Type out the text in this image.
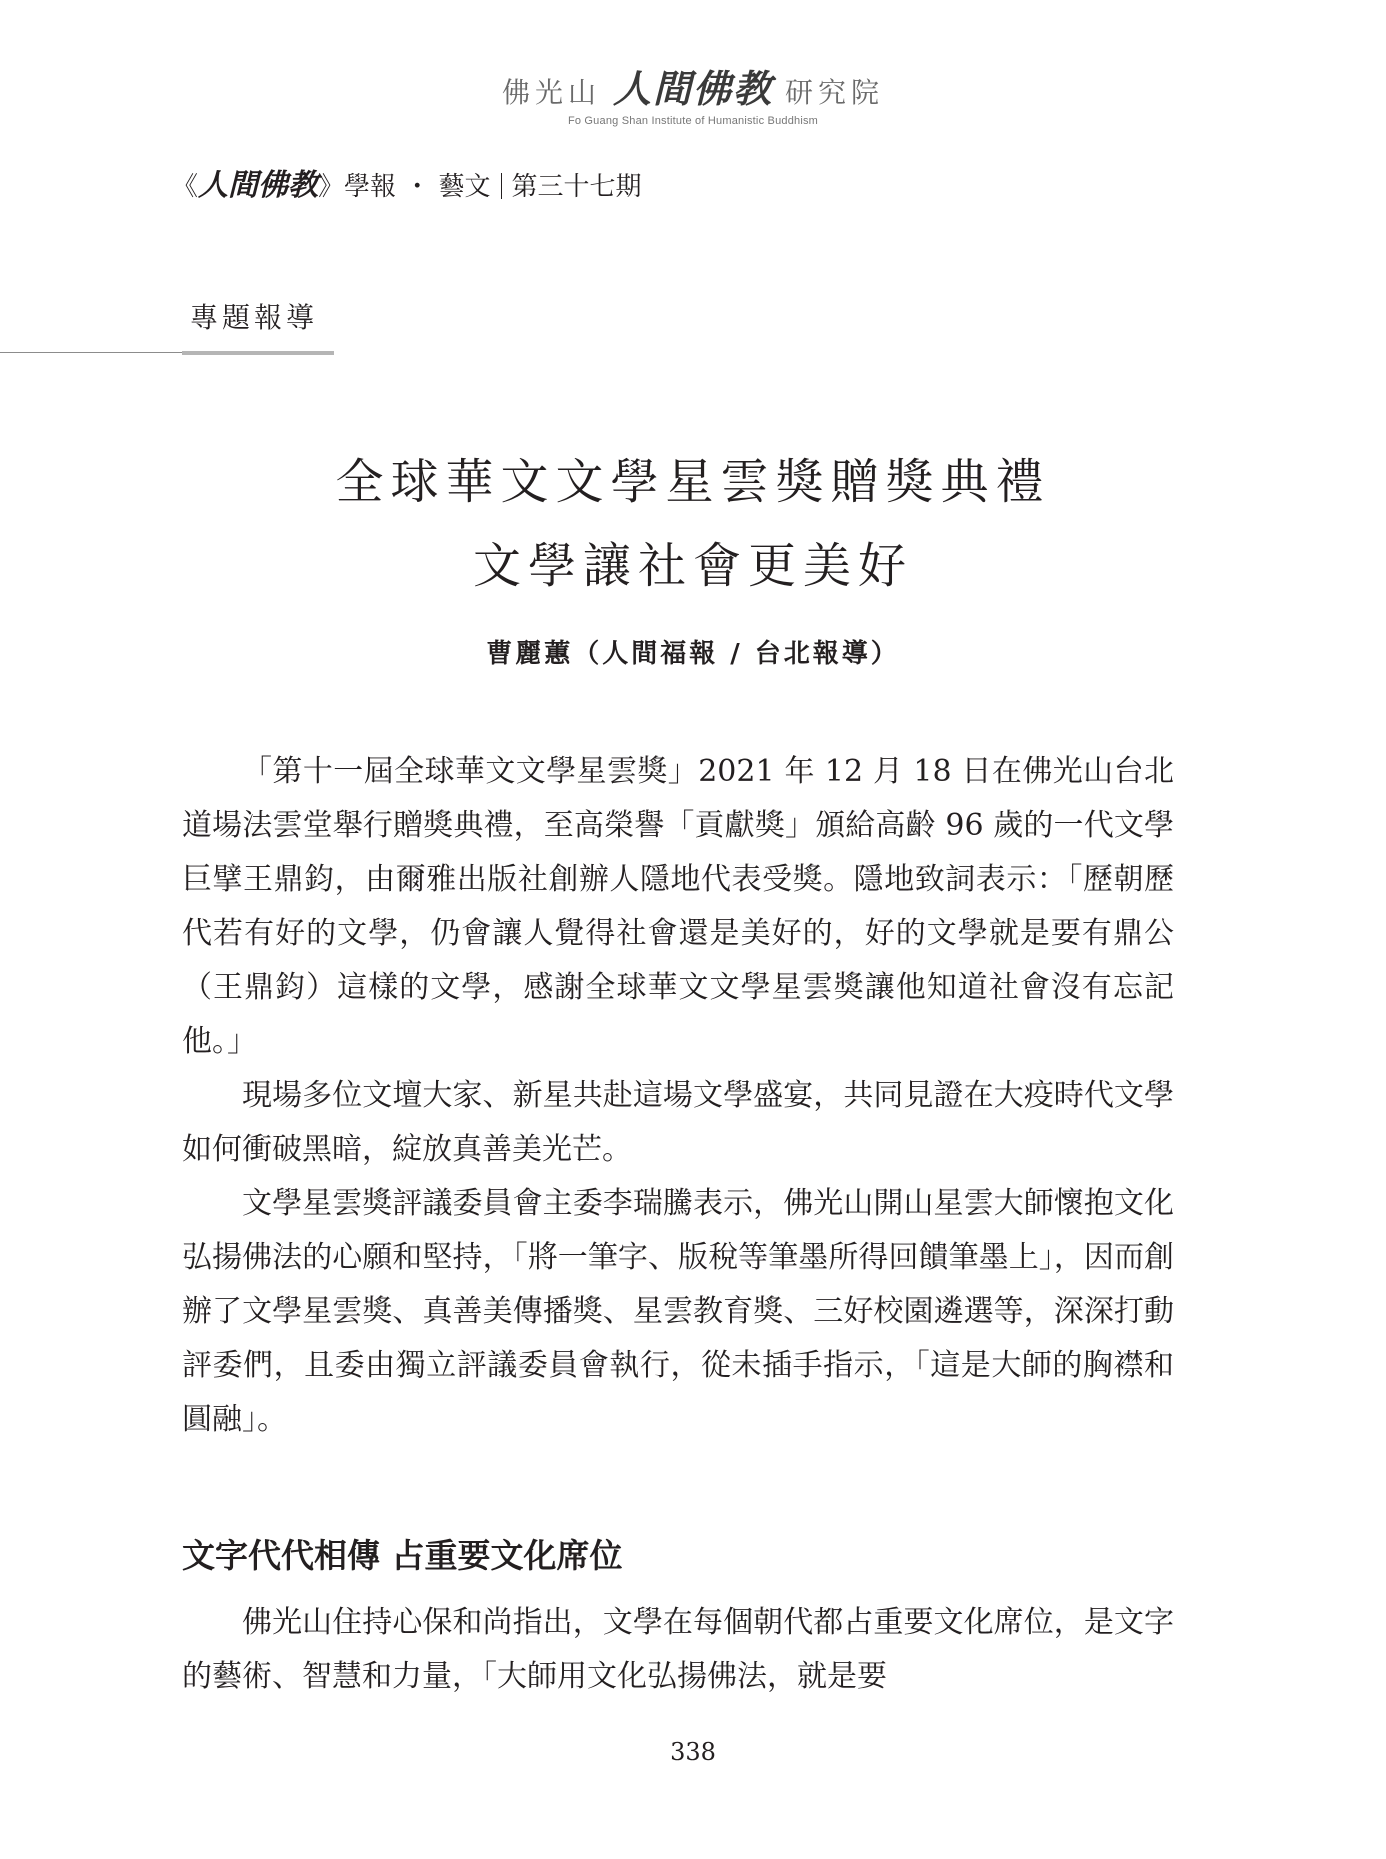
佛光山 人間佛教 研究院
Fo Guang Shan Institute of Humanistic Buddhism
《人間佛教》學報 ・ 藝文 第三十七期
專題報導
全球華文文學星雲獎贈獎典禮
文學讓社會更美好
曹麗蕙（人間福報 / 台北報導）

「第十一屆全球華文文學星雲獎」2021 年 12 月 18 日在佛光山台北道場法雲堂舉行贈獎典禮，至高榮譽「貢獻獎」頒給高齡 96 歲的一代文學巨擘王鼎鈞，由爾雅出版社創辦人隱地代表受獎。隱地致詞表示：「歷朝歷代若有好的文學，仍會讓人覺得社會還是美好的，好的文學就是要有鼎公（王鼎鈞）這樣的文學，感謝全球華文文學星雲獎讓他知道社會沒有忘記他。」

現場多位文壇大家、新星共赴這場文學盛宴，共同見證在大疫時代文學如何衝破黑暗，綻放真善美光芒。

文學星雲獎評議委員會主委李瑞騰表示，佛光山開山星雲大師懷抱文化弘揚佛法的心願和堅持，「將一筆字、版稅等筆墨所得回饋筆墨上」，因而創辦了文學星雲獎、真善美傳播獎、星雲教育獎、三好校園遴選等，深深打動評委們，且委由獨立評議委員會執行，從未插手指示，「這是大師的胸襟和圓融」。

文字代代相傳 占重要文化席位

佛光山住持心保和尚指出，文學在每個朝代都占重要文化席位，是文字的藝術、智慧和力量，「大師用文化弘揚佛法，就是要

338
